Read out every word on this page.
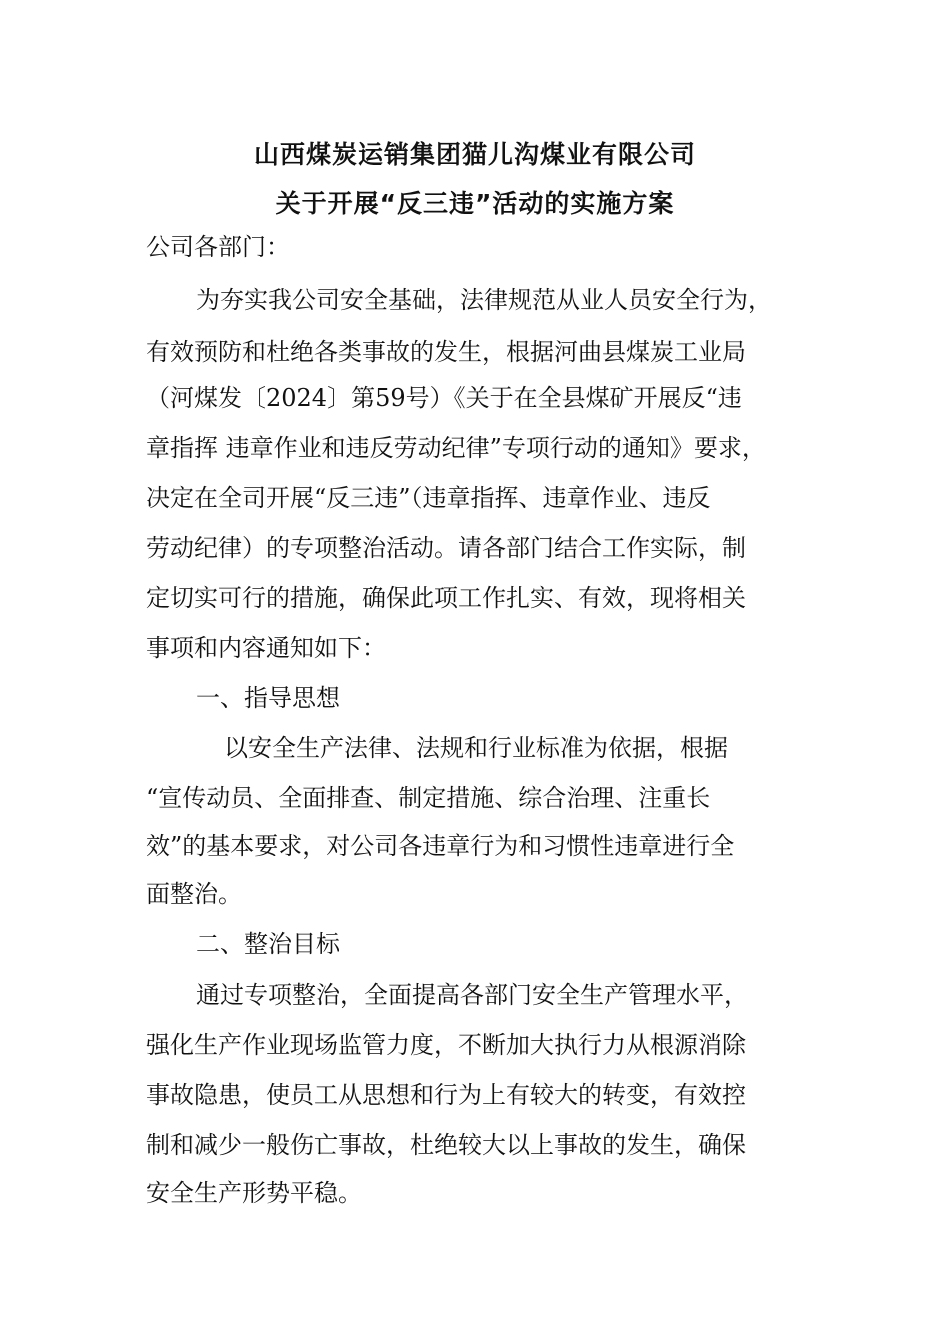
山西煤炭运销集团猫儿沟煤业有限公司
关于开展“反三违”活动的实施方案
公司各部门：
为夯实我公司安全基础，法律规范从业人员安全行为，
有效预防和杜绝各类事故的发生，根据河曲县煤炭工业局
（河煤发〔2024〕第59号）《关于在全县煤矿开展反“违
章指挥 违章作业和违反劳动纪律”专项行动的通知》要求，
决定在全司开展“反三违”（违章指挥、违章作业、违反
劳动纪律）的专项整治活动。请各部门结合工作实际，制
定切实可行的措施，确保此项工作扎实、有效，现将相关
事项和内容通知如下：
一、指导思想
以安全生产法律、法规和行业标准为依据，根据
“宣传动员、全面排查、制定措施、综合治理、注重长
效”的基本要求，对公司各违章行为和习惯性违章进行全
面整治。
二、整治目标
通过专项整治，全面提高各部门安全生产管理水平，
强化生产作业现场监管力度，不断加大执行力从根源消除
事故隐患，使员工从思想和行为上有较大的转变，有效控
制和减少一般伤亡事故，杜绝较大以上事故的发生，确保
安全生产形势平稳。
